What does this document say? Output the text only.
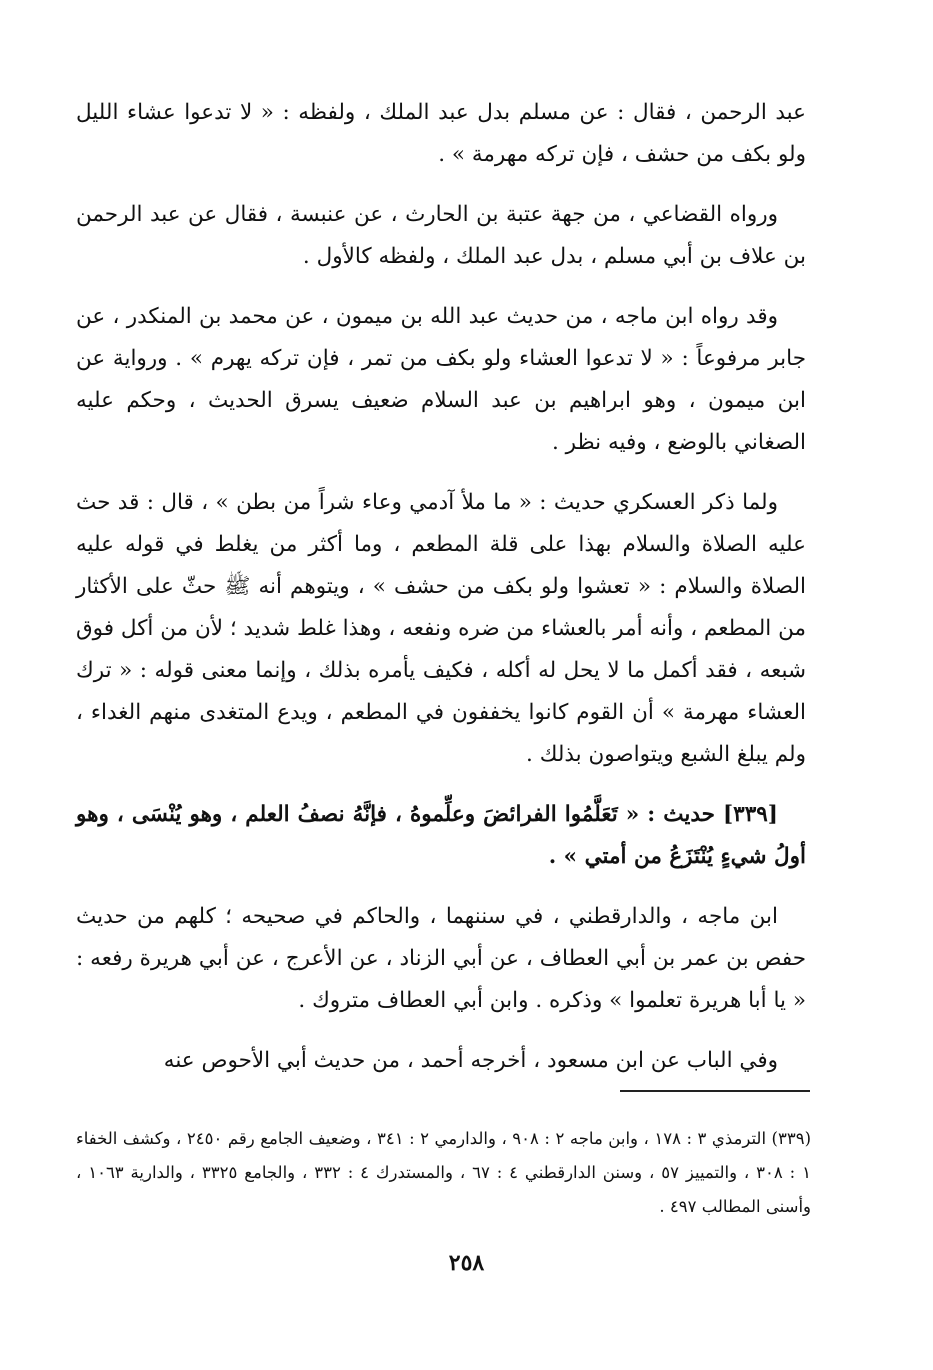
عبد الرحمن ، فقال : عن مسلم بدل عبد الملك ، ولفظه : « لا تدعوا عشاء الليل ولو بكف من حشف ، فإن تركه مهرمة » .

ورواه القضاعي ، من جهة عتبة بن الحارث ، عن عنبسة ، فقال عن عبد الرحمن بن علاف بن أبي مسلم ، بدل عبد الملك ، ولفظه كالأول .

وقد رواه ابن ماجه ، من حديث عبد الله بن ميمون ، عن محمد بن المنكدر ، عن جابر مرفوعاً : « لا تدعوا العشاء ولو بكف من تمر ، فإن تركه يهرم » . ورواية عن ابن ميمون ، وهو ابراهيم بن عبد السلام ضعيف يسرق الحديث ، وحكم عليه الصغاني بالوضع ، وفيه نظر .

ولما ذكر العسكري حديث : « ما ملأ آدمي وعاء شراً من بطن » ، قال : قد حث عليه الصلاة والسلام بهذا على قلة المطعم ، وما أكثر من يغلط في قوله عليه الصلاة والسلام : « تعشوا ولو بكف من حشف » ، ويتوهم أنه ﷺ حثّ على الأكثار من المطعم ، وأنه أمر بالعشاء من ضره ونفعه ، وهذا غلط شديد ؛ لأن من أكل فوق شبعه ، فقد أكمل ما لا يحل له أكله ، فكيف يأمره بذلك ، وإنما معنى قوله : « ترك العشاء مهرمة » أن القوم كانوا يخففون في المطعم ، ويدع المتغدى منهم الغداء ، ولم يبلغ الشبع ويتواصون بذلك .

[٣٣٩] حديث : « تَعَلَّمُوا الفرائضَ وعلِّموهُ ، فإنَّهُ نصفُ العلم ، وهو يُنْسَى ، وهو أولُ شيءٍ يُنْتَزَعُ من أمتي » .

ابن ماجه ، والدارقطني ، في سننهما ، والحاكم في صحيحه ؛ كلهم من حديث حفص بن عمر بن أبي العطاف ، عن أبي الزناد ، عن الأعرج ، عن أبي هريرة رفعه : « يا أبا هريرة تعلموا » وذكره . وابن أبي العطاف متروك .

وفي الباب عن ابن مسعود ، أخرجه أحمد ، من حديث أبي الأحوص عنه

(٣٣٩) الترمذي ٣ : ١٧٨ ، وابن ماجه ٢ : ٩٠٨ ، والدارمي ٢ : ٣٤١ ، وضعيف الجامع رقم ٢٤٥٠ ، وكشف الخفاء ١ : ٣٠٨ ، والتمييز ٥٧ ، وسنن الدارقطني ٤ : ٦٧ ، والمستدرك ٤ : ٣٣٢ ، والجامع ٣٣٢٥ ، والدارية ١٠٦٣ ، وأسنى المطالب ٤٩٧ .

٢٥٨
